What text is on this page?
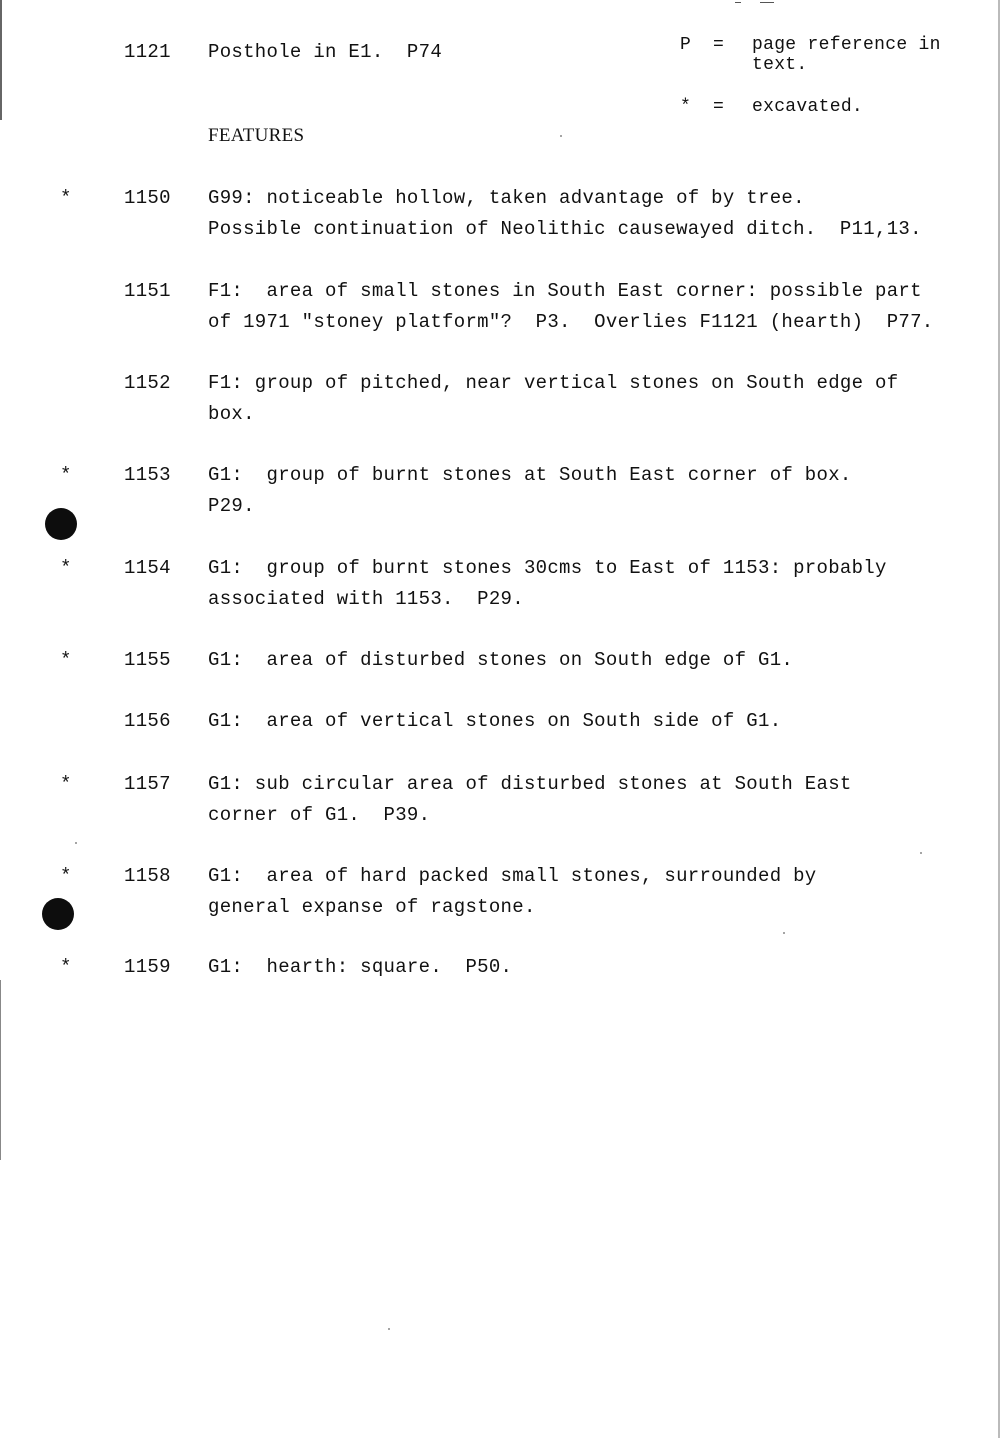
1121 Posthole in E1.  P74	P = page reference in
text.
* = excavated.
FEATURES
*	1150 G99: noticeable hollow, taken advantage of by tree.
Possible continuation of Neolithic causewayed ditch.  P11,13.
1151 F1:  area of small stones in South East corner: possible part
of 1971 "stoney platform"?  P3.  Overlies F1121 (hearth)  P77.
1152 F1: group of pitched, near vertical stones on South edge of
box.
*	1153 G1:  group of burnt stones at South East corner of box.
P29.
*	1154 G1:  group of burnt stones 30cms to East of 1153: probably
associated with 1153.  P29.
*	1155 G1:  area of disturbed stones on South edge of G1.
1156 G1:  area of vertical stones on South side of G1.
*	1157 G1: sub circular area of disturbed stones at South East
corner of G1.  P39.
*	1158 G1:  area of hard packed small stones, surrounded by
general expanse of ragstone.
*	1159 G1:  hearth: square.  P50.
